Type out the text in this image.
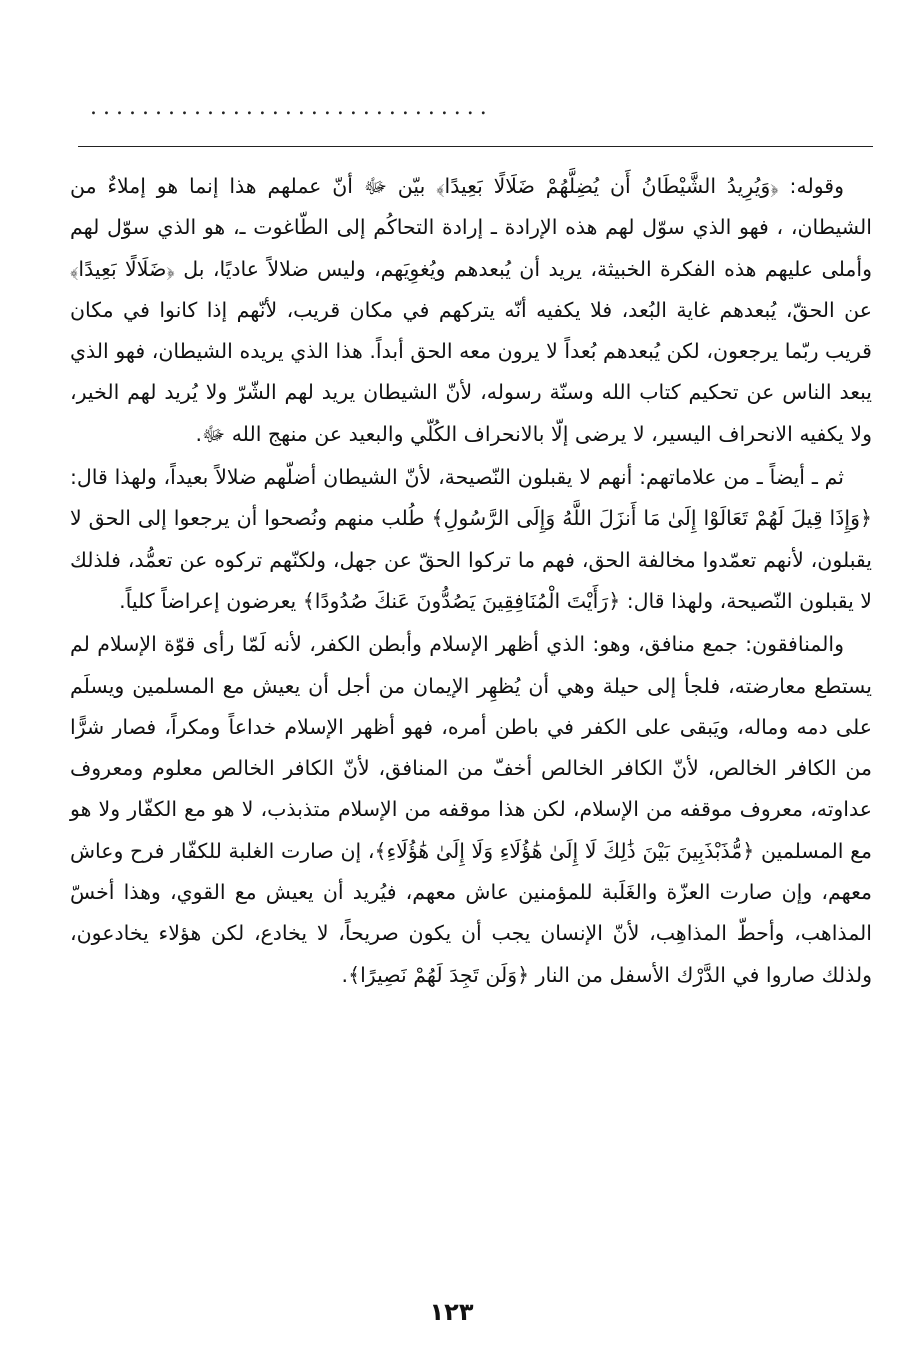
...............................

وقوله: ﴿وَيُرِيدُ الشَّيْطَانُ أَن يُضِلَّهُمْ ضَلَالًا بَعِيدًا﴾ بيّن ﷻ أنّ عملهم هذا إنما هو إملاءٌ من الشيطان، ، فهو الذي سوّل لهم هذه الإرادة ـ إرادة التحاكُم إلى الطّاغوت ـ، هو الذي سوّل لهم وأملى عليهم هذه الفكرة الخبيثة، يريد أن يُبعدهم ويُغوِيَهم، وليس ضلالاً عاديًا، بل ﴿ضَلَالًا بَعِيدًا﴾ عن الحقّ، يُبعدهم غاية البُعد، فلا يكفيه أنّه يتركهم في مكان قريب، لأنّهم إذا كانوا في مكان قريب ربّما يرجعون، لكن يُبعدهم بُعداً لا يرون معه الحق أبداً. هذا الذي يريده الشيطان، فهو الذي يبعد الناس عن تحكيم كتاب الله وسنّة رسوله، لأنّ الشيطان يريد لهم الشّرّ ولا يُريد لهم الخير، ولا يكفيه الانحراف اليسير، لا يرضى إلّا بالانحراف الكُلّي والبعيد عن منهج الله ﷻ.

ثم ـ أيضاً ـ من علاماتهم: أنهم لا يقبلون النّصيحة، لأنّ الشيطان أضلّهم ضلالاً بعيداً، ولهذا قال: ﴿وَإِذَا قِيلَ لَهُمْ تَعَالَوْا إِلَىٰ مَا أَنزَلَ اللَّهُ وَإِلَى الرَّسُولِ﴾ طُلب منهم ونُصحوا أن يرجعوا إلى الحق لا يقبلون، لأنهم تعمّدوا مخالفة الحق، فهم ما تركوا الحقّ عن جهل، ولكنّهم تركوه عن تعمُّد، فلذلك لا يقبلون النّصيحة، ولهذا قال: ﴿رَأَيْتَ الْمُنَافِقِينَ يَصُدُّونَ عَنكَ صُدُودًا﴾ يعرضون إعراضاً كلياً.

والمنافقون: جمع منافق، وهو: الذي أظهر الإسلام وأبطن الكفر، لأنه لَمّا رأى قوّة الإسلام لم يستطع معارضته، فلجأ إلى حيلة وهي أن يُظهِر الإيمان من أجل أن يعيش مع المسلمين ويسلَم على دمه وماله، ويَبقى على الكفر في باطن أمره، فهو أظهر الإسلام خداعاً ومكراً، فصار شرًّا من الكافر الخالص، لأنّ الكافر الخالص أخفّ من المنافق، لأنّ الكافر الخالص معلوم ومعروف عداوته، معروف موقفه من الإسلام، لكن هذا موقفه من الإسلام متذبذب، لا هو مع الكفّار ولا هو مع المسلمين ﴿مُّذَبْذَبِينَ بَيْنَ ذَٰلِكَ لَا إِلَىٰ هَٰؤُلَاءِ وَلَا إِلَىٰ هَٰؤُلَاءِ﴾، إن صارت الغلبة للكفّار فرح وعاش معهم، وإن صارت العزّة والغَلَبة للمؤمنين عاش معهم، فيُريد أن يعيش مع القوي، وهذا أخسّ المذاهب، وأحطّ المذاهِب، لأنّ الإنسان يجب أن يكون صريحاً، لا يخادع، لكن هؤلاء يخادعون، ولذلك صاروا في الدَّرْك الأسفل من النار ﴿وَلَن تَجِدَ لَهُمْ نَصِيرًا﴾.

١٢٣
